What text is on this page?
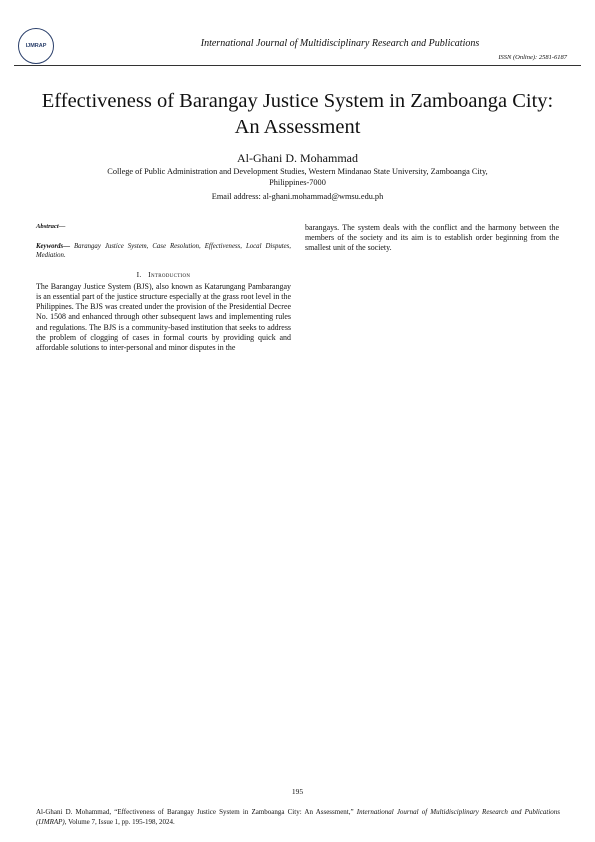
IJMRAP	International Journal of Multidisciplinary Research and Publications
ISSN (Online): 2581-6187
Effectiveness of Barangay Justice System in Zamboanga City: An Assessment
Al-Ghani D. Mohammad
College of Public Administration and Development Studies, Western Mindanao State University, Zamboanga City, Philippines-7000
Email address: al-ghani.mohammad@wmsu.edu.ph

Abstract—

Keywords— Barangay Justice System, Case Resolution, Effectiveness, Local Disputes, Mediation.

I. Introduction

The Barangay Justice System (BJS), also known as Katarungang Pambarangay is an essential part of the justice structure especially at the grass root level in the Philippines. The BJS was created under the provision of the Presidential Decree No. 1508 and enhanced through other subsequent laws and implementing rules and regulations. The BJS is a community-based institution that seeks to address the problem of clogging of cases in formal courts by providing quick and affordable solutions to inter-personal and minor disputes in the

barangays. The system deals with the conflict and the harmony between the members of the society and its aim is to establish order beginning from the smallest unit of the society.

195
Al-Ghani D. Mohammad, “Effectiveness of Barangay Justice System in Zamboanga City: An Assessment,” International Journal of Multidisciplinary Research and Publications (IJMRAP), Volume 7, Issue 1, pp. 195-198, 2024.
